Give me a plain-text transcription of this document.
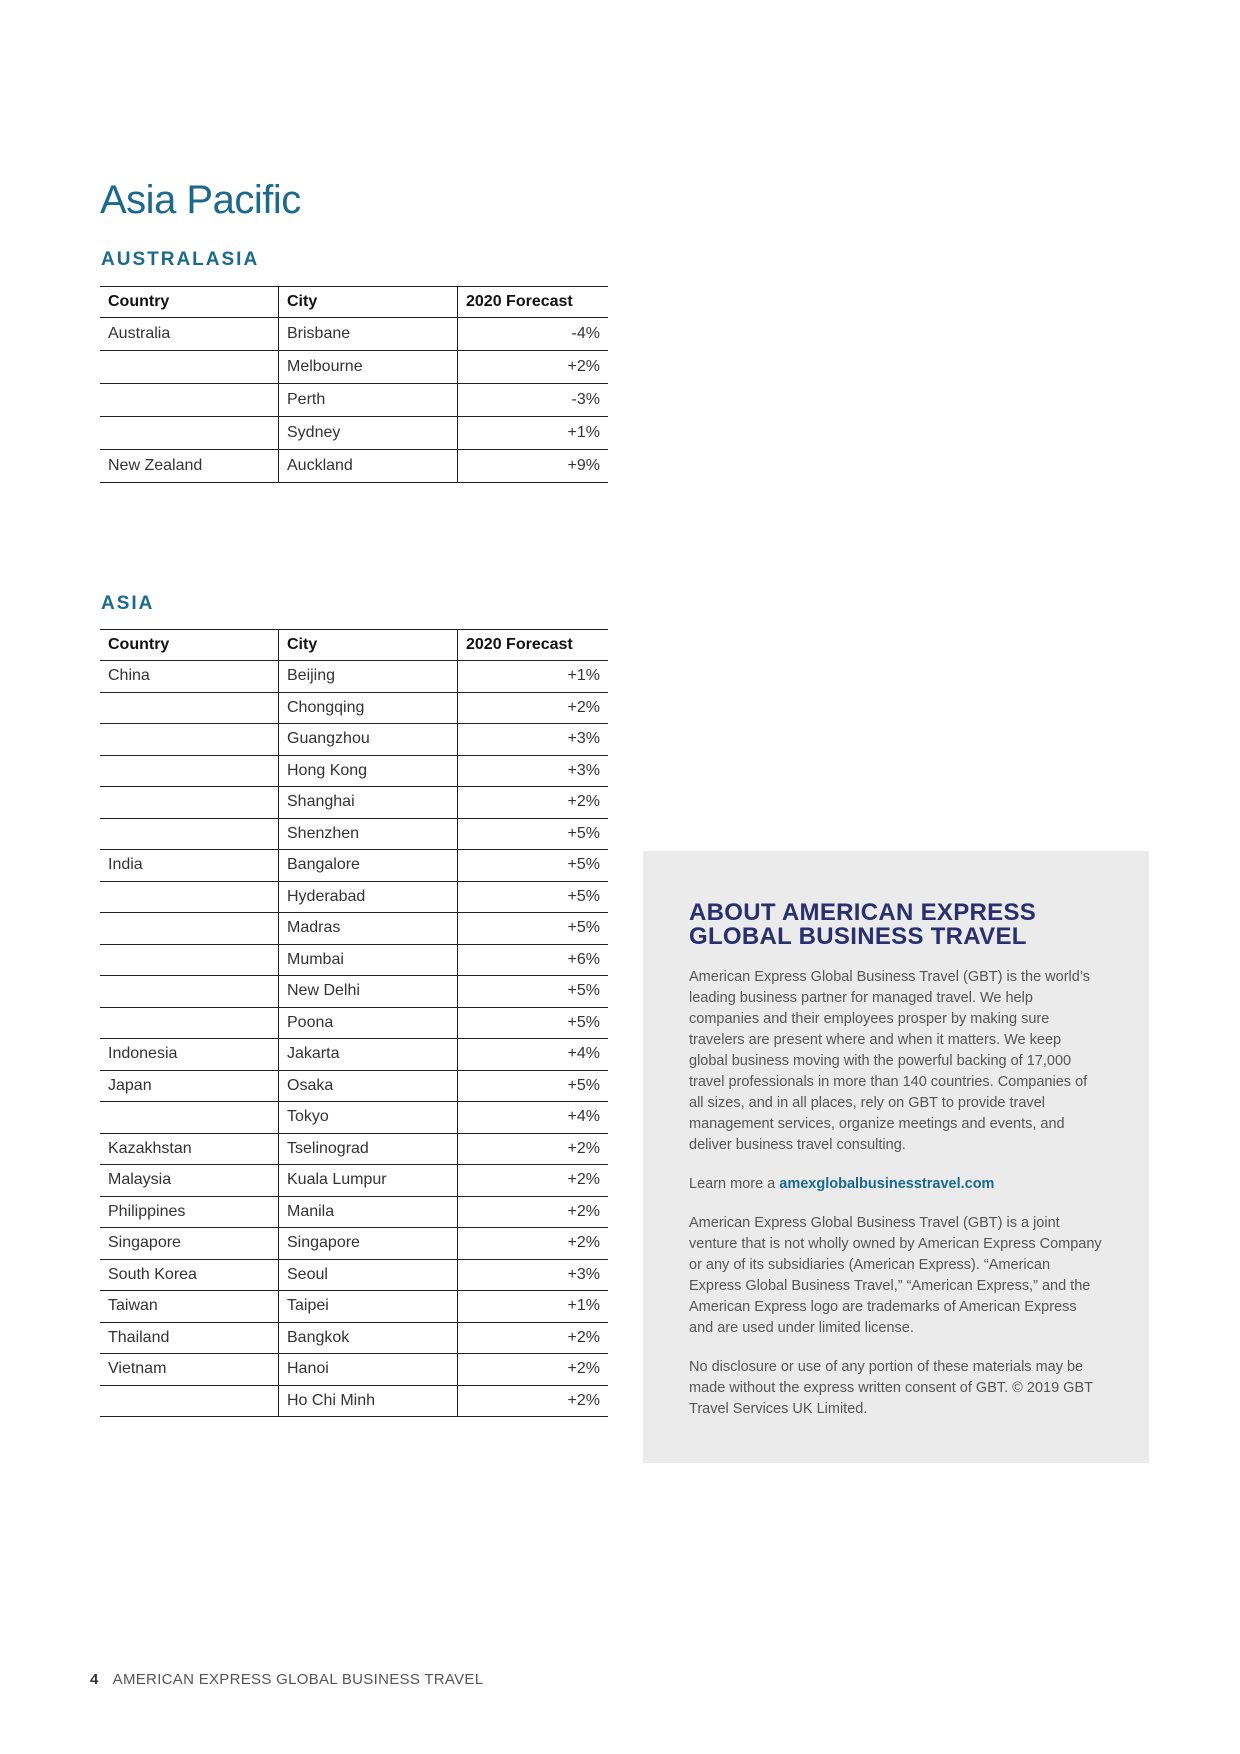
Asia Pacific
AUSTRALASIA
Country	City	2020 Forecast
Australia	Brisbane	-4%
	Melbourne	+2%
	Perth	-3%
	Sydney	+1%
New Zealand	Auckland	+9%
ASIA
Country	City	2020 Forecast
China	Beijing	+1%
	Chongqing	+2%
	Guangzhou	+3%
	Hong Kong	+3%
	Shanghai	+2%
	Shenzhen	+5%
India	Bangalore	+5%
	Hyderabad	+5%
	Madras	+5%
	Mumbai	+6%
	New Delhi	+5%
	Poona	+5%
Indonesia	Jakarta	+4%
Japan	Osaka	+5%
	Tokyo	+4%
Kazakhstan	Tselinograd	+2%
Malaysia	Kuala Lumpur	+2%
Philippines	Manila	+2%
Singapore	Singapore	+2%
South Korea	Seoul	+3%
Taiwan	Taipei	+1%
Thailand	Bangkok	+2%
Vietnam	Hanoi	+2%
	Ho Chi Minh	+2%
ABOUT AMERICAN EXPRESS
GLOBAL BUSINESS TRAVEL

American Express Global Business Travel (GBT) is the world’s leading business partner for managed travel. We help companies and their employees prosper by making sure travelers are present where and when it matters. We keep global business moving with the powerful backing of 17,000 travel professionals in more than 140 countries. Companies of all sizes, and in all places, rely on GBT to provide travel management services, organize meetings and events, and deliver business travel consulting.

Learn more a amexglobalbusinesstravel.com

American Express Global Business Travel (GBT) is a joint venture that is not wholly owned by American Express Company or any of its subsidiaries (American Express). “American Express Global Business Travel,” “American Express,” and the American Express logo are trademarks of American Express and are used under limited license.

No disclosure or use of any portion of these materials may be made without the express written consent of GBT. © 2019 GBT Travel Services UK Limited.

4 AMERICAN EXPRESS GLOBAL BUSINESS TRAVEL
